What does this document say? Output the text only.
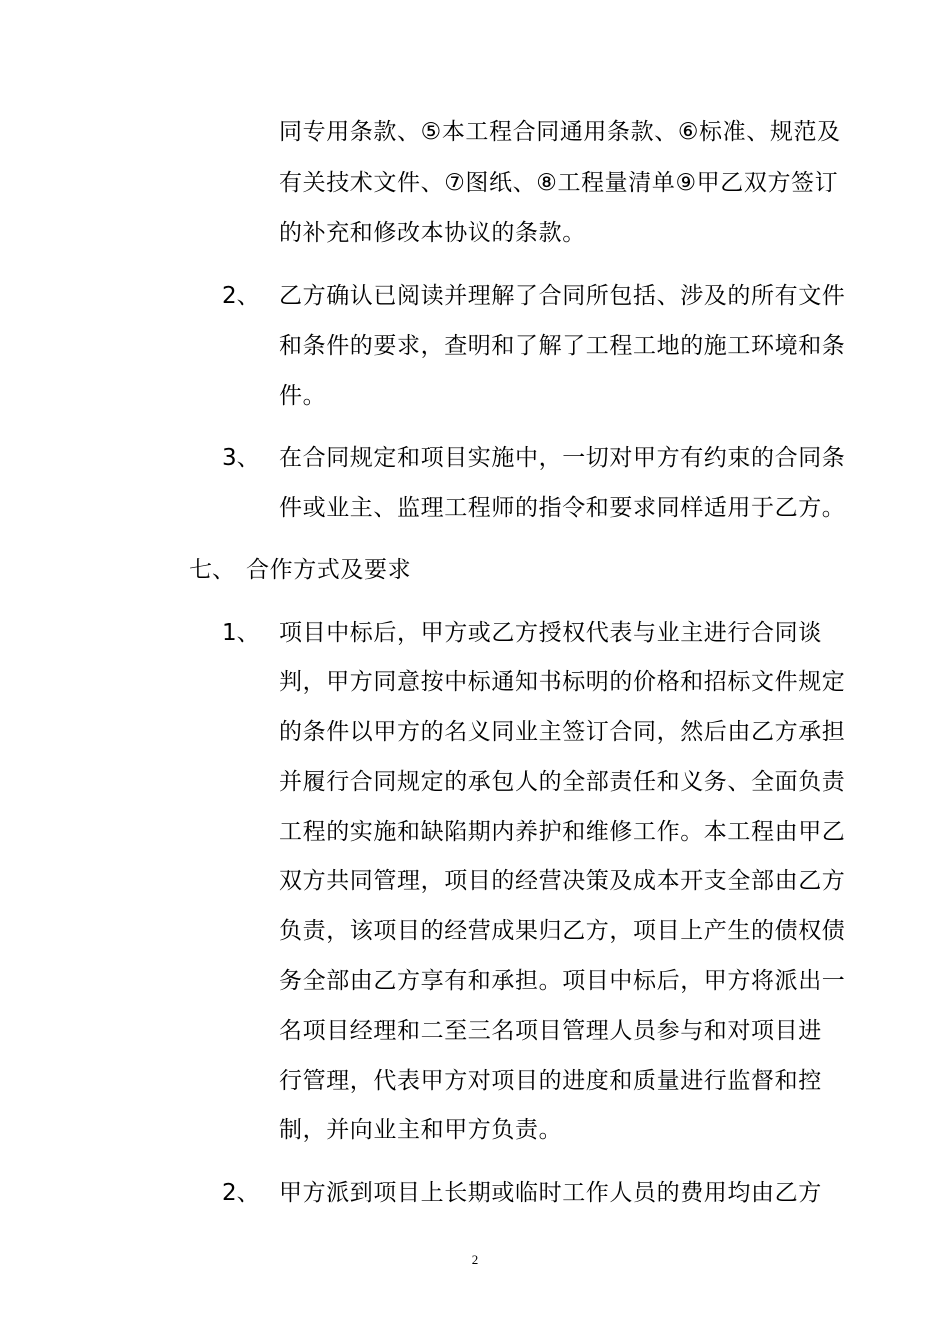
同专用条款、⑤本工程合同通用条款、⑥标准、规范及
有关技术文件、⑦图纸、⑧工程量清单⑨甲乙双方签订
的补充和修改本协议的条款。
2、 乙方确认已阅读并理解了合同所包括、涉及的所有文件
和条件的要求，查明和了解了工程工地的施工环境和条
件。
3、 在合同规定和项目实施中，一切对甲方有约束的合同条
件或业主、监理工程师的指令和要求同样适用于乙方。
七、 合作方式及要求
1、 项目中标后，甲方或乙方授权代表与业主进行合同谈
判，甲方同意按中标通知书标明的价格和招标文件规定
的条件以甲方的名义同业主签订合同，然后由乙方承担
并履行合同规定的承包人的全部责任和义务、全面负责
工程的实施和缺陷期内养护和维修工作。本工程由甲乙
双方共同管理，项目的经营决策及成本开支全部由乙方
负责，该项目的经营成果归乙方，项目上产生的债权债
务全部由乙方享有和承担。项目中标后，甲方将派出一
名项目经理和二至三名项目管理人员参与和对项目进
行管理，代表甲方对项目的进度和质量进行监督和控
制，并向业主和甲方负责。
2、 甲方派到项目上长期或临时工作人员的费用均由乙方
2
